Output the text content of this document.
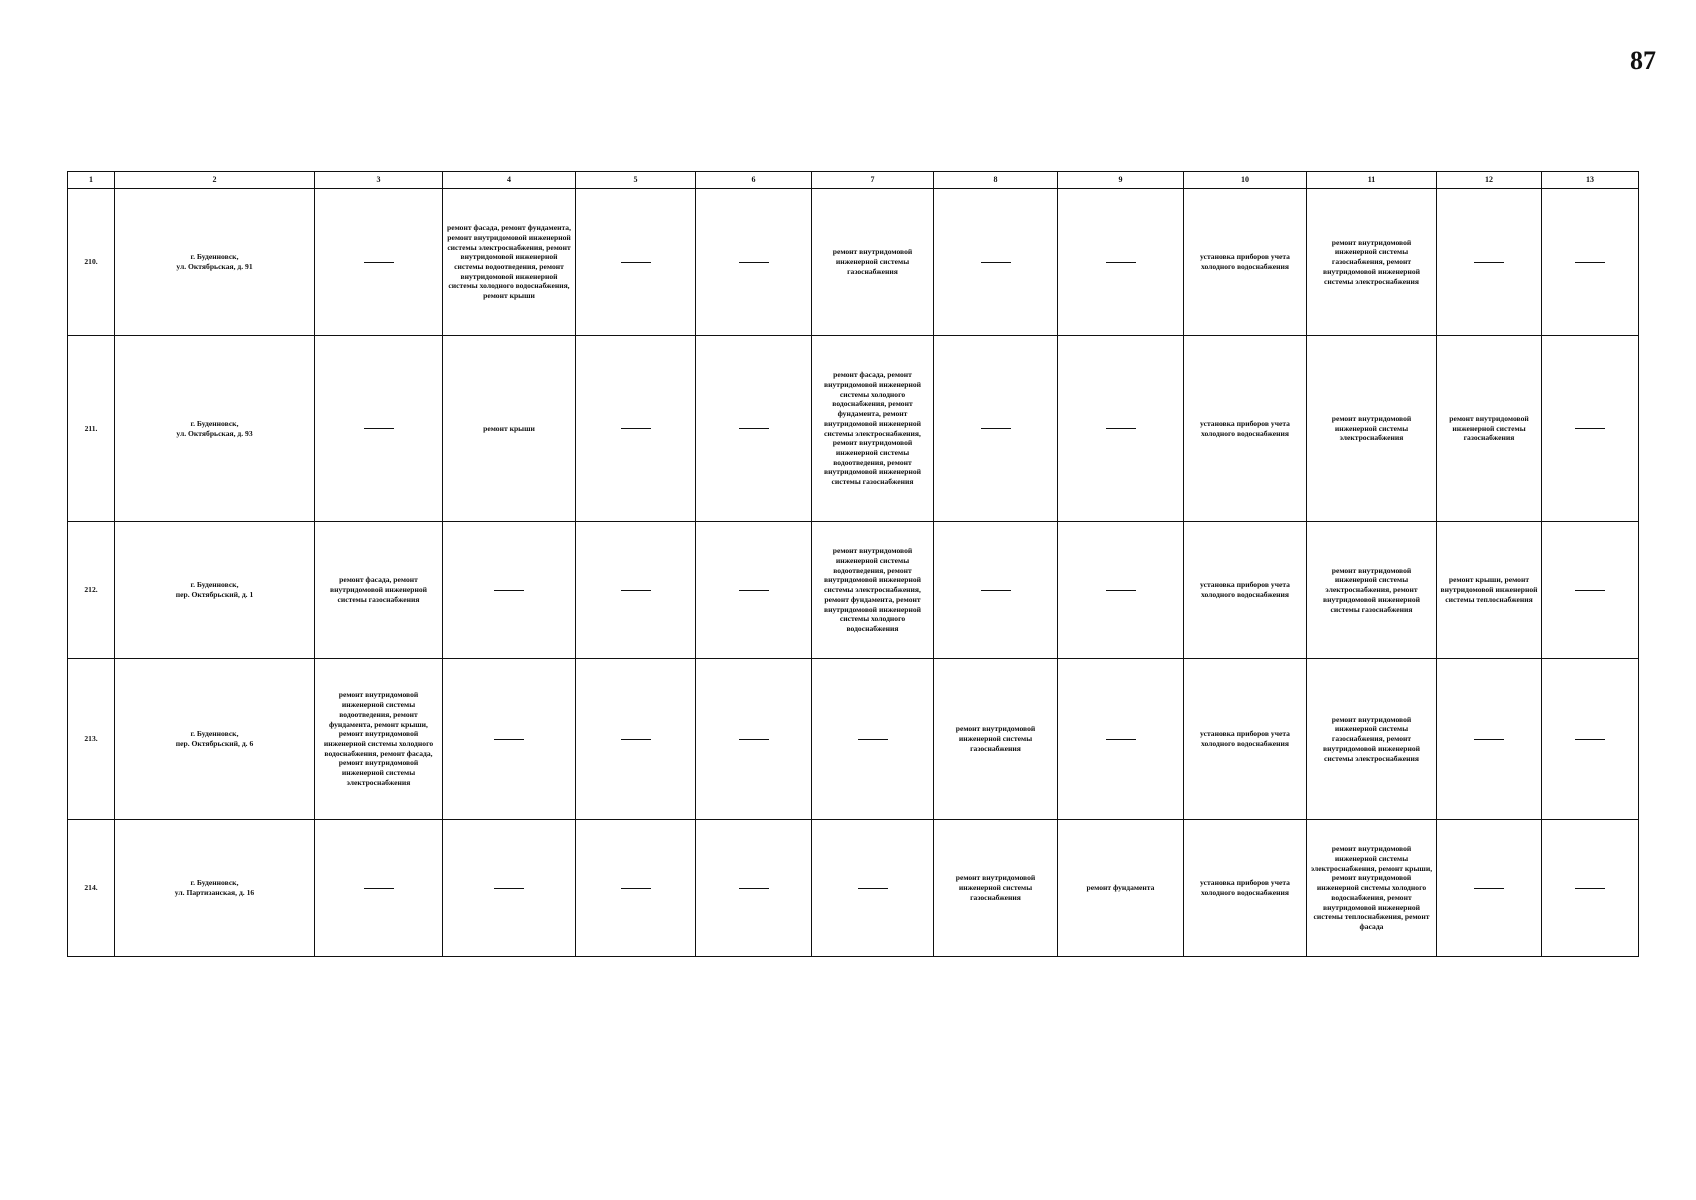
87
1	2	3	4	5	6	7	8	9	10	11	12	13
210.	г. Буденновск,
ул. Октябрьская, д. 91		ремонт фасада, ремонт фундамента, ремонт внутридомовой инженерной системы электроснабжения, ремонт внутридомовой инженерной системы водоотведения, ремонт внутридомовой инженерной системы холодного водоснабжения, ремонт крыши			ремонт внутридомовой инженерной системы газоснабжения			установка приборов учета холодного водоснабжения	ремонт внутридомовой инженерной системы газоснабжения, ремонт внутридомовой инженерной системы электроснабжения		
211.	г. Буденновск,
ул. Октябрьская, д. 93		ремонт крыши			ремонт фасада, ремонт внутридомовой инженерной системы холодного водоснабжения, ремонт фундамента, ремонт внутридомовой инженерной системы электроснабжения, ремонт внутридомовой инженерной системы водоотведения, ремонт внутридомовой инженерной системы газоснабжения			установка приборов учета холодного водоснабжения	ремонт внутридомовой инженерной системы электроснабжения	ремонт внутридомовой инженерной системы газоснабжения	
212.	г. Буденновск,
пер. Октябрьский, д. 1	ремонт фасада, ремонт внутридомовой инженерной системы газоснабжения				ремонт внутридомовой инженерной системы водоотведения, ремонт внутридомовой инженерной системы электроснабжения, ремонт фундамента, ремонт внутридомовой инженерной системы холодного водоснабжения			установка приборов учета холодного водоснабжения	ремонт внутридомовой инженерной системы электроснабжения, ремонт внутридомовой инженерной системы газоснабжения	ремонт крыши, ремонт внутридомовой инженерной системы теплоснабжения	
213.	г. Буденновск,
пер. Октябрьский, д. 6	ремонт внутридомовой инженерной системы водоотведения, ремонт фундамента, ремонт крыши, ремонт внутридомовой инженерной системы холодного водоснабжения, ремонт фасада, ремонт внутридомовой инженерной системы электроснабжения					ремонт внутридомовой инженерной системы газоснабжения		установка приборов учета холодного водоснабжения	ремонт внутридомовой инженерной системы газоснабжения, ремонт внутридомовой инженерной системы электроснабжения		
214.	г. Буденновск,
ул. Партизанская, д. 16						ремонт внутридомовой инженерной системы газоснабжения	ремонт фундамента	установка приборов учета холодного водоснабжения	ремонт внутридомовой инженерной системы электроснабжения, ремонт крыши, ремонт внутридомовой инженерной системы холодного водоснабжения, ремонт внутридомовой инженерной системы теплоснабжения, ремонт фасада		
